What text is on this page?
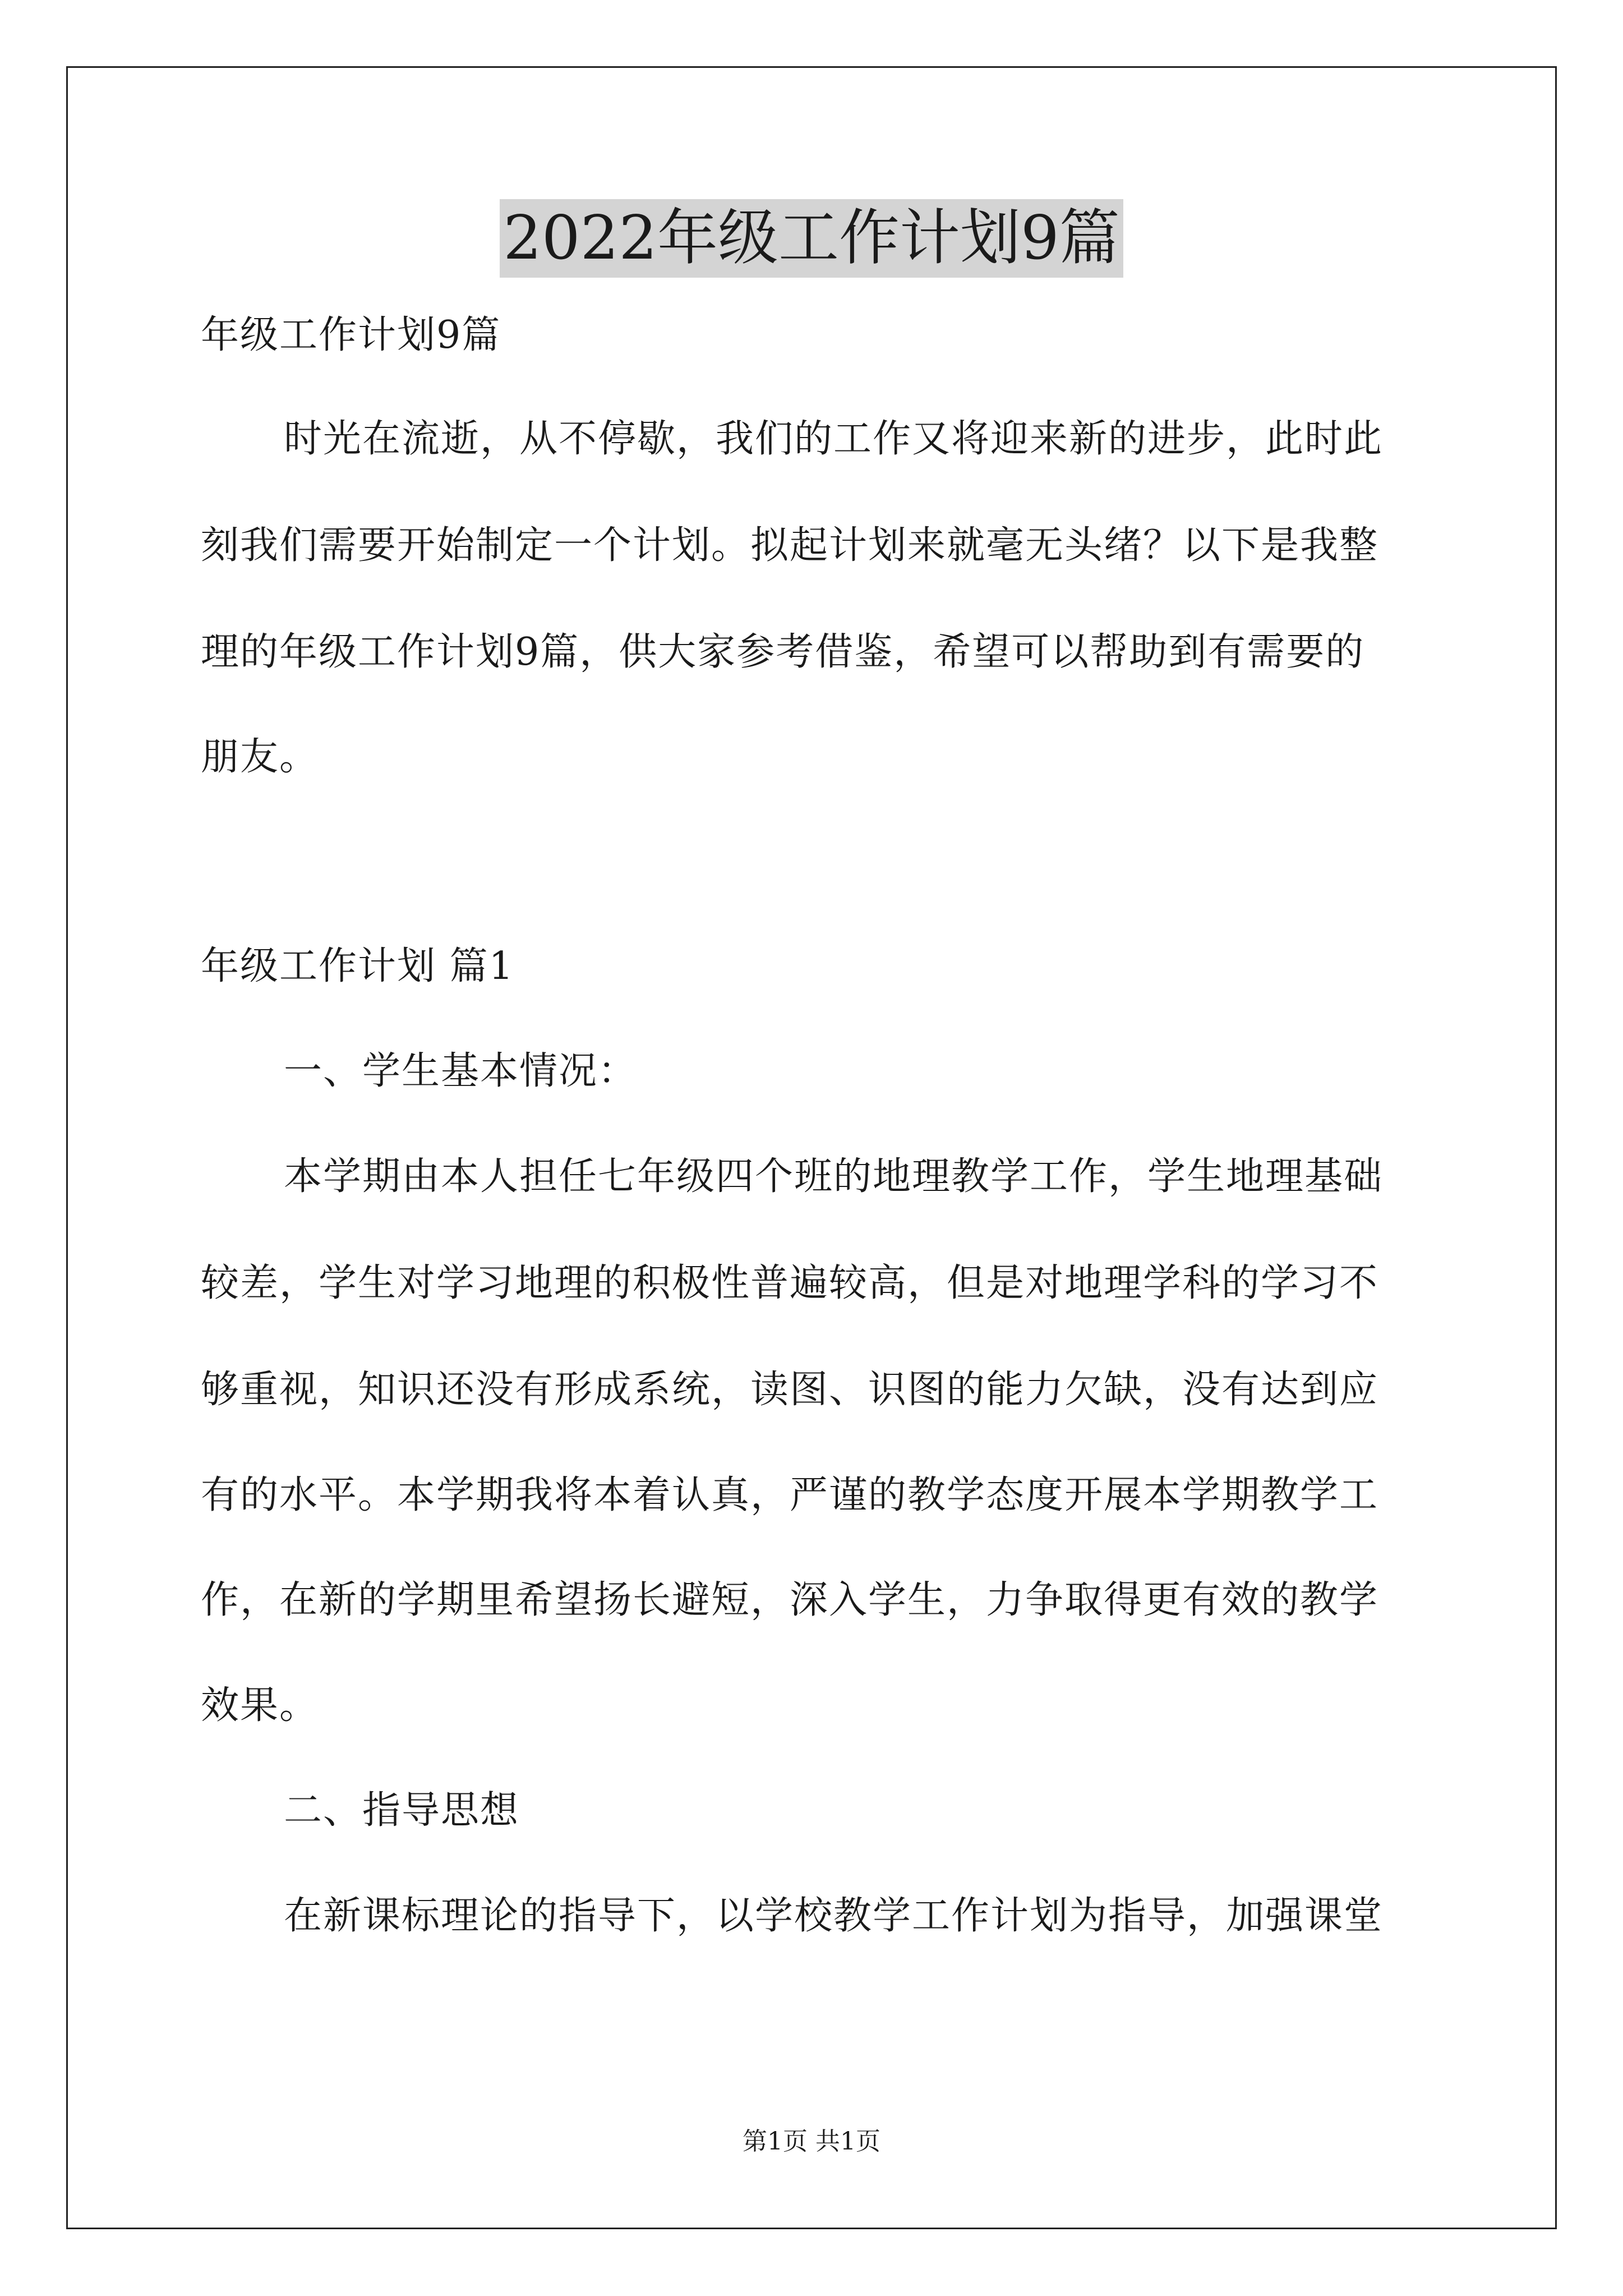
2022年级工作计划9篇
年级工作计划9篇
时光在流逝，从不停歇，我们的工作又将迎来新的进步，此时此
刻我们需要开始制定一个计划。拟起计划来就毫无头绪？以下是我整
理的年级工作计划9篇，供大家参考借鉴，希望可以帮助到有需要的
朋友。
年级工作计划 篇1
一、学生基本情况：
本学期由本人担任七年级四个班的地理教学工作，学生地理基础
较差，学生对学习地理的积极性普遍较高，但是对地理学科的学习不
够重视，知识还没有形成系统，读图、识图的能力欠缺，没有达到应
有的水平。本学期我将本着认真，严谨的教学态度开展本学期教学工
作，在新的学期里希望扬长避短，深入学生，力争取得更有效的教学
效果。
二、指导思想
在新课标理论的指导下，以学校教学工作计划为指导，加强课堂
第1页 共1页
